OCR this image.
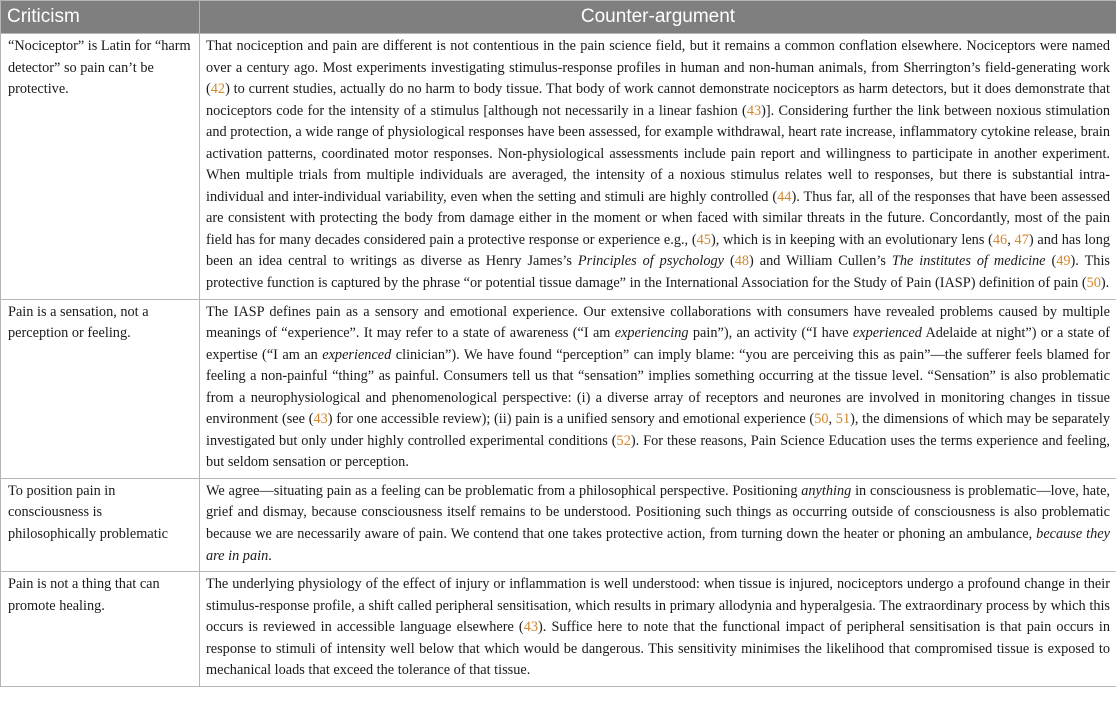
Criticism	Counter-argument
“Nociceptor” is Latin for “harm detector” so pain can’t be protective.	That nociception and pain are different is not contentious in the pain science field, but it remains a common conflation elsewhere. Nociceptors were named over a century ago. Most experiments investigating stimulus-response profiles in human and non-human animals, from Sherrington’s field-generating work (42) to current studies, actually do no harm to body tissue. That body of work cannot demonstrate nociceptors as harm detectors, but it does demonstrate that nociceptors code for the intensity of a stimulus [although not necessarily in a linear fashion (43)]. Considering further the link between noxious stimulation and protection, a wide range of physiological responses have been assessed, for example withdrawal, heart rate increase, inflammatory cytokine release, brain activation patterns, coordinated motor responses. Non-physiological assessments include pain report and willingness to participate in another experiment. When multiple trials from multiple individuals are averaged, the intensity of a noxious stimulus relates well to responses, but there is substantial intra-individual and inter-individual variability, even when the setting and stimuli are highly controlled (44). Thus far, all of the responses that have been assessed are consistent with protecting the body from damage either in the moment or when faced with similar threats in the future. Concordantly, most of the pain field has for many decades considered pain a protective response or experience e.g., (45), which is in keeping with an evolutionary lens (46, 47) and has long been an idea central to writings as diverse as Henry James’s Principles of psychology (48) and William Cullen’s The institutes of medicine (49). This protective function is captured by the phrase “or potential tissue damage” in the International Association for the Study of Pain (IASP) definition of pain (50).
Pain is a sensation, not a perception or feeling.	The IASP defines pain as a sensory and emotional experience. Our extensive collaborations with consumers have revealed problems caused by multiple meanings of “experience”. It may refer to a state of awareness (“I am experiencing pain”), an activity (“I have experienced Adelaide at night”) or a state of expertise (“I am an experienced clinician”). We have found “perception” can imply blame: “you are perceiving this as pain”—the sufferer feels blamed for feeling a non-painful “thing” as painful. Consumers tell us that “sensation” implies something occurring at the tissue level. “Sensation” is also problematic from a neurophysiological and phenomenological perspective: (i) a diverse array of receptors and neurones are involved in monitoring changes in tissue environment (see (43) for one accessible review); (ii) pain is a unified sensory and emotional experience (50, 51), the dimensions of which may be separately investigated but only under highly controlled experimental conditions (52). For these reasons, Pain Science Education uses the terms experience and feeling, but seldom sensation or perception.
To position pain in consciousness is philosophically problematic	We agree—situating pain as a feeling can be problematic from a philosophical perspective. Positioning anything in consciousness is problematic—love, hate, grief and dismay, because consciousness itself remains to be understood. Positioning such things as occurring outside of consciousness is also problematic because we are necessarily aware of pain. We contend that one takes protective action, from turning down the heater or phoning an ambulance, because they are in pain.
Pain is not a thing that can promote healing.	The underlying physiology of the effect of injury or inflammation is well understood: when tissue is injured, nociceptors undergo a profound change in their stimulus-response profile, a shift called peripheral sensitisation, which results in primary allodynia and hyperalgesia. The extraordinary process by which this occurs is reviewed in accessible language elsewhere (43). Suffice here to note that the functional impact of peripheral sensitisation is that pain occurs in response to stimuli of intensity well below that which would be dangerous. This sensitivity minimises the likelihood that compromised tissue is exposed to mechanical loads that exceed the tolerance of that tissue.
